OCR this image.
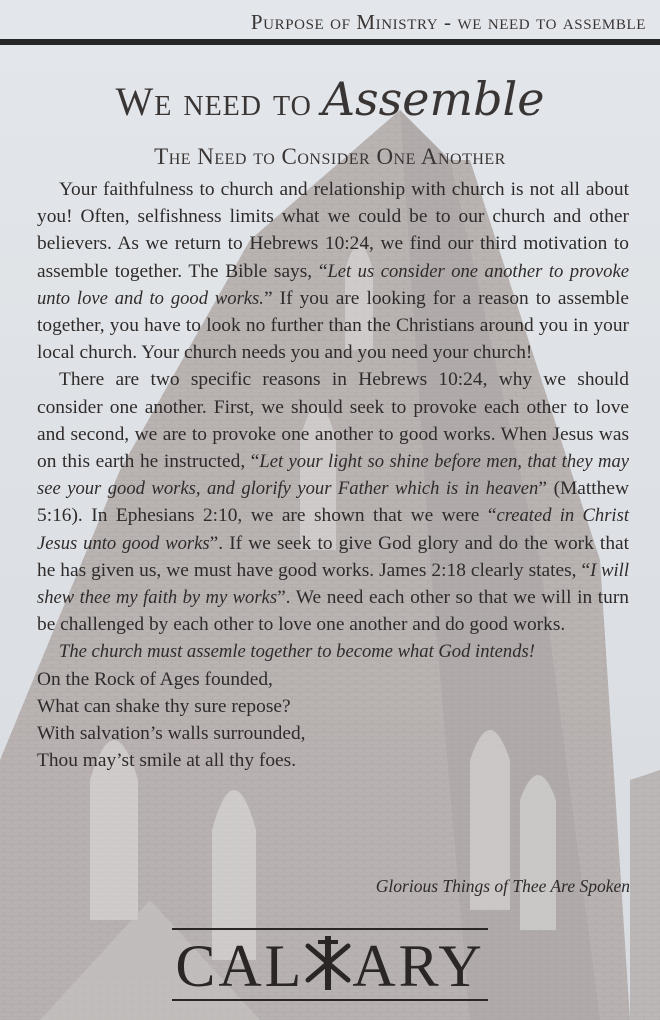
Purpose of Ministry - we need to assemble
We need to Assemble
The Need to Consider One Another

Your faithfulness to church and relationship with church is not all about you! Often, selfishness limits what we could be to our church and other believers. As we return to Hebrews 10:24, we find our third motivation to assemble together. The Bible says, “Let us consider one another to provoke unto love and to good works.” If you are looking for a reason to assemble together, you have to look no further than the Christians around you in your local church. Your church needs you and you need your church!

There are two specific reasons in Hebrews 10:24, why we should consider one another. First, we should seek to provoke each other to love and second, we are to provoke one another to good works. When Jesus was on this earth he instructed, “Let your light so shine before men, that they may see your good works, and glorify your Father which is in heaven” (Matthew 5:16). In Ephesians 2:10, we are shown that we were “created in Christ Jesus unto good works”. If we seek to give God glory and do the work that he has given us, we must have good works. James 2:18 clearly states, “I will shew thee my faith by my works”. We need each other so that we will in turn be challenged by each other to love one another and do good works.

The church must assemle together to become what God intends!

On the Rock of Ages founded,
What can shake thy sure repose?
With salvation’s walls surrounded,
Thou may’st smile at all thy foes.
Glorious Things of Thee Are Spoken
CAL ARY
